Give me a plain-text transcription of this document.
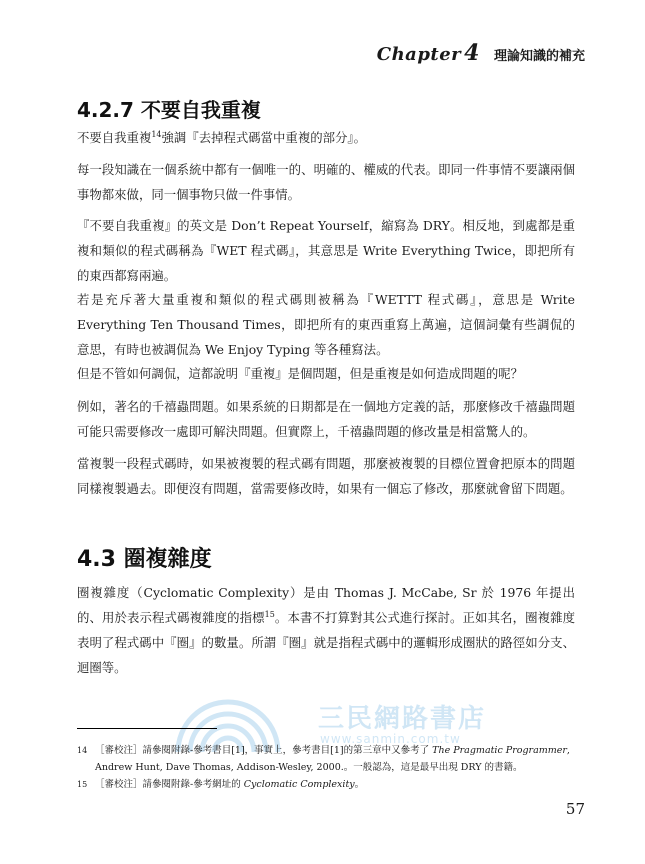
Chapter 4 理論知識的補充
4.2.7 不要自我重複

不要自我重複$^{14}$強調『去掉程式碼當中重複的部分』。

每一段知識在一個系統中都有一個唯一的、明確的、權威的代表。即同一件事情不要讓兩個事物都來做，同一個事物只做一件事情。

『不要自我重複』的英文是 Don’t Repeat Yourself，縮寫為 DRY。相反地，到處都是重複和類似的程式碼稱為『WET 程式碼』，其意思是 Write Everything Twice，即把所有的東西都寫兩遍。

若是充斥著大量重複和類似的程式碼則被稱為『WETTT 程式碼』，意思是 Write Everything Ten Thousand Times，即把所有的東西重寫上萬遍，這個詞彙有些調侃的意思，有時也被調侃為 We Enjoy Typing 等各種寫法。

但是不管如何調侃，這都說明『重複』是個問題，但是重複是如何造成問題的呢？

例如，著名的千禧蟲問題。如果系統的日期都是在一個地方定義的話，那麼修改千禧蟲問題可能只需要修改一處即可解決問題。但實際上，千禧蟲問題的修改量是相當驚人的。

當複製一段程式碼時，如果被複製的程式碼有問題，那麼被複製的目標位置會把原本的問題同樣複製過去。即便沒有問題，當需要修改時，如果有一個忘了修改，那麼就會留下問題。

4.3 圈複雜度

圈複雜度（Cyclomatic Complexity）是由 Thomas J. McCabe, Sr 於 1976 年提出的、用於表示程式碼複雜度的指標$^{15}$。本書不打算對其公式進行探討。正如其名，圈複雜度表明了程式碼中『圈』的數量。所謂『圈』就是指程式碼中的邏輯形成圈狀的路徑如分支、迴圈等。

三民網路書店
www.sanmin.com.tw
14 ［審校注］請參閱附錄-參考書目[1]，事實上，參考書目[1]的第三章中又參考了 The Pragmatic Programmer, Andrew Hunt, Dave Thomas, Addison-Wesley, 2000.。一般認為，這是最早出現 DRY 的書籍。
15 ［審校注］請參閱附錄-參考網址的 Cyclomatic Complexity。
57
